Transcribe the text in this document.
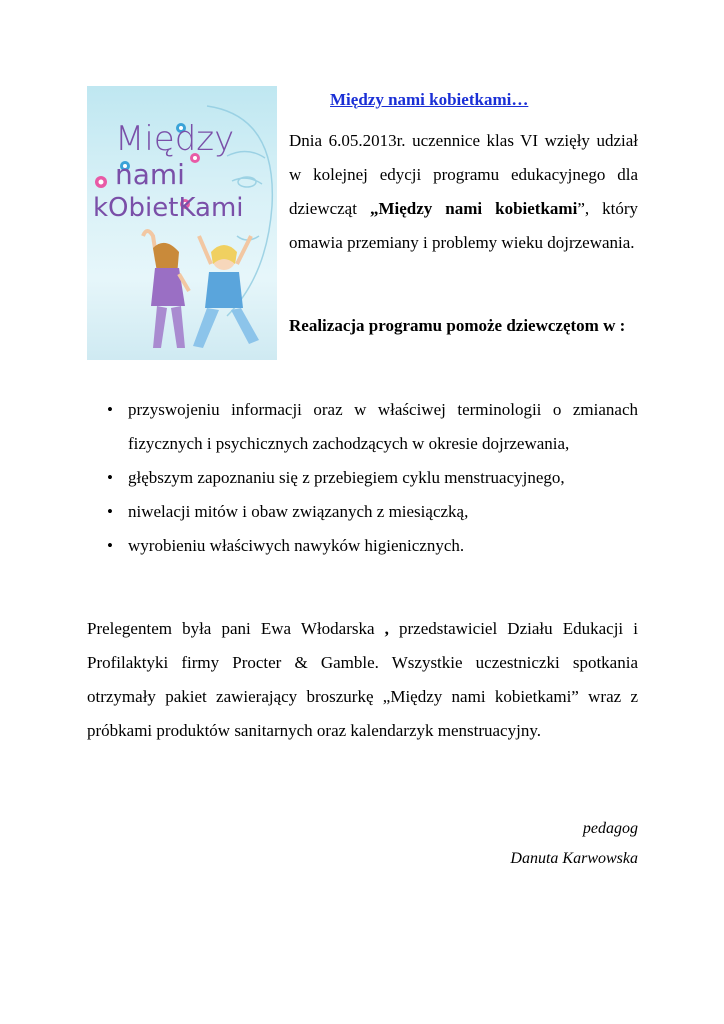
Między
nami
kObietKami
Między nami kobietkami…

Dnia 6.05.2013r. uczennice klas VI wzięły udział w kolejnej edycji programu edukacyjnego dla dziewcząt „Między nami kobietkami”, który omawia przemiany i problemy wieku dojrzewania.

Realizacja programu pomoże dziewczętom w :

• przyswojeniu informacji oraz w właściwej terminologii o zmianach fizycznych i psychicznych zachodzących w okresie dojrzewania,
• głębszym zapoznaniu się z przebiegiem cyklu menstruacyjnego,
• niwelacji mitów i obaw związanych z miesiączką,
• wyrobieniu właściwych nawyków higienicznych.

Prelegentem była pani Ewa Włodarska , przedstawiciel Działu Edukacji i Profilaktyki firmy Procter & Gamble. Wszystkie uczestniczki spotkania otrzymały pakiet zawierający broszurkę „Między nami kobietkami” wraz z próbkami produktów sanitarnych oraz kalendarzyk menstruacyjny.

pedagog

Danuta Karwowska
